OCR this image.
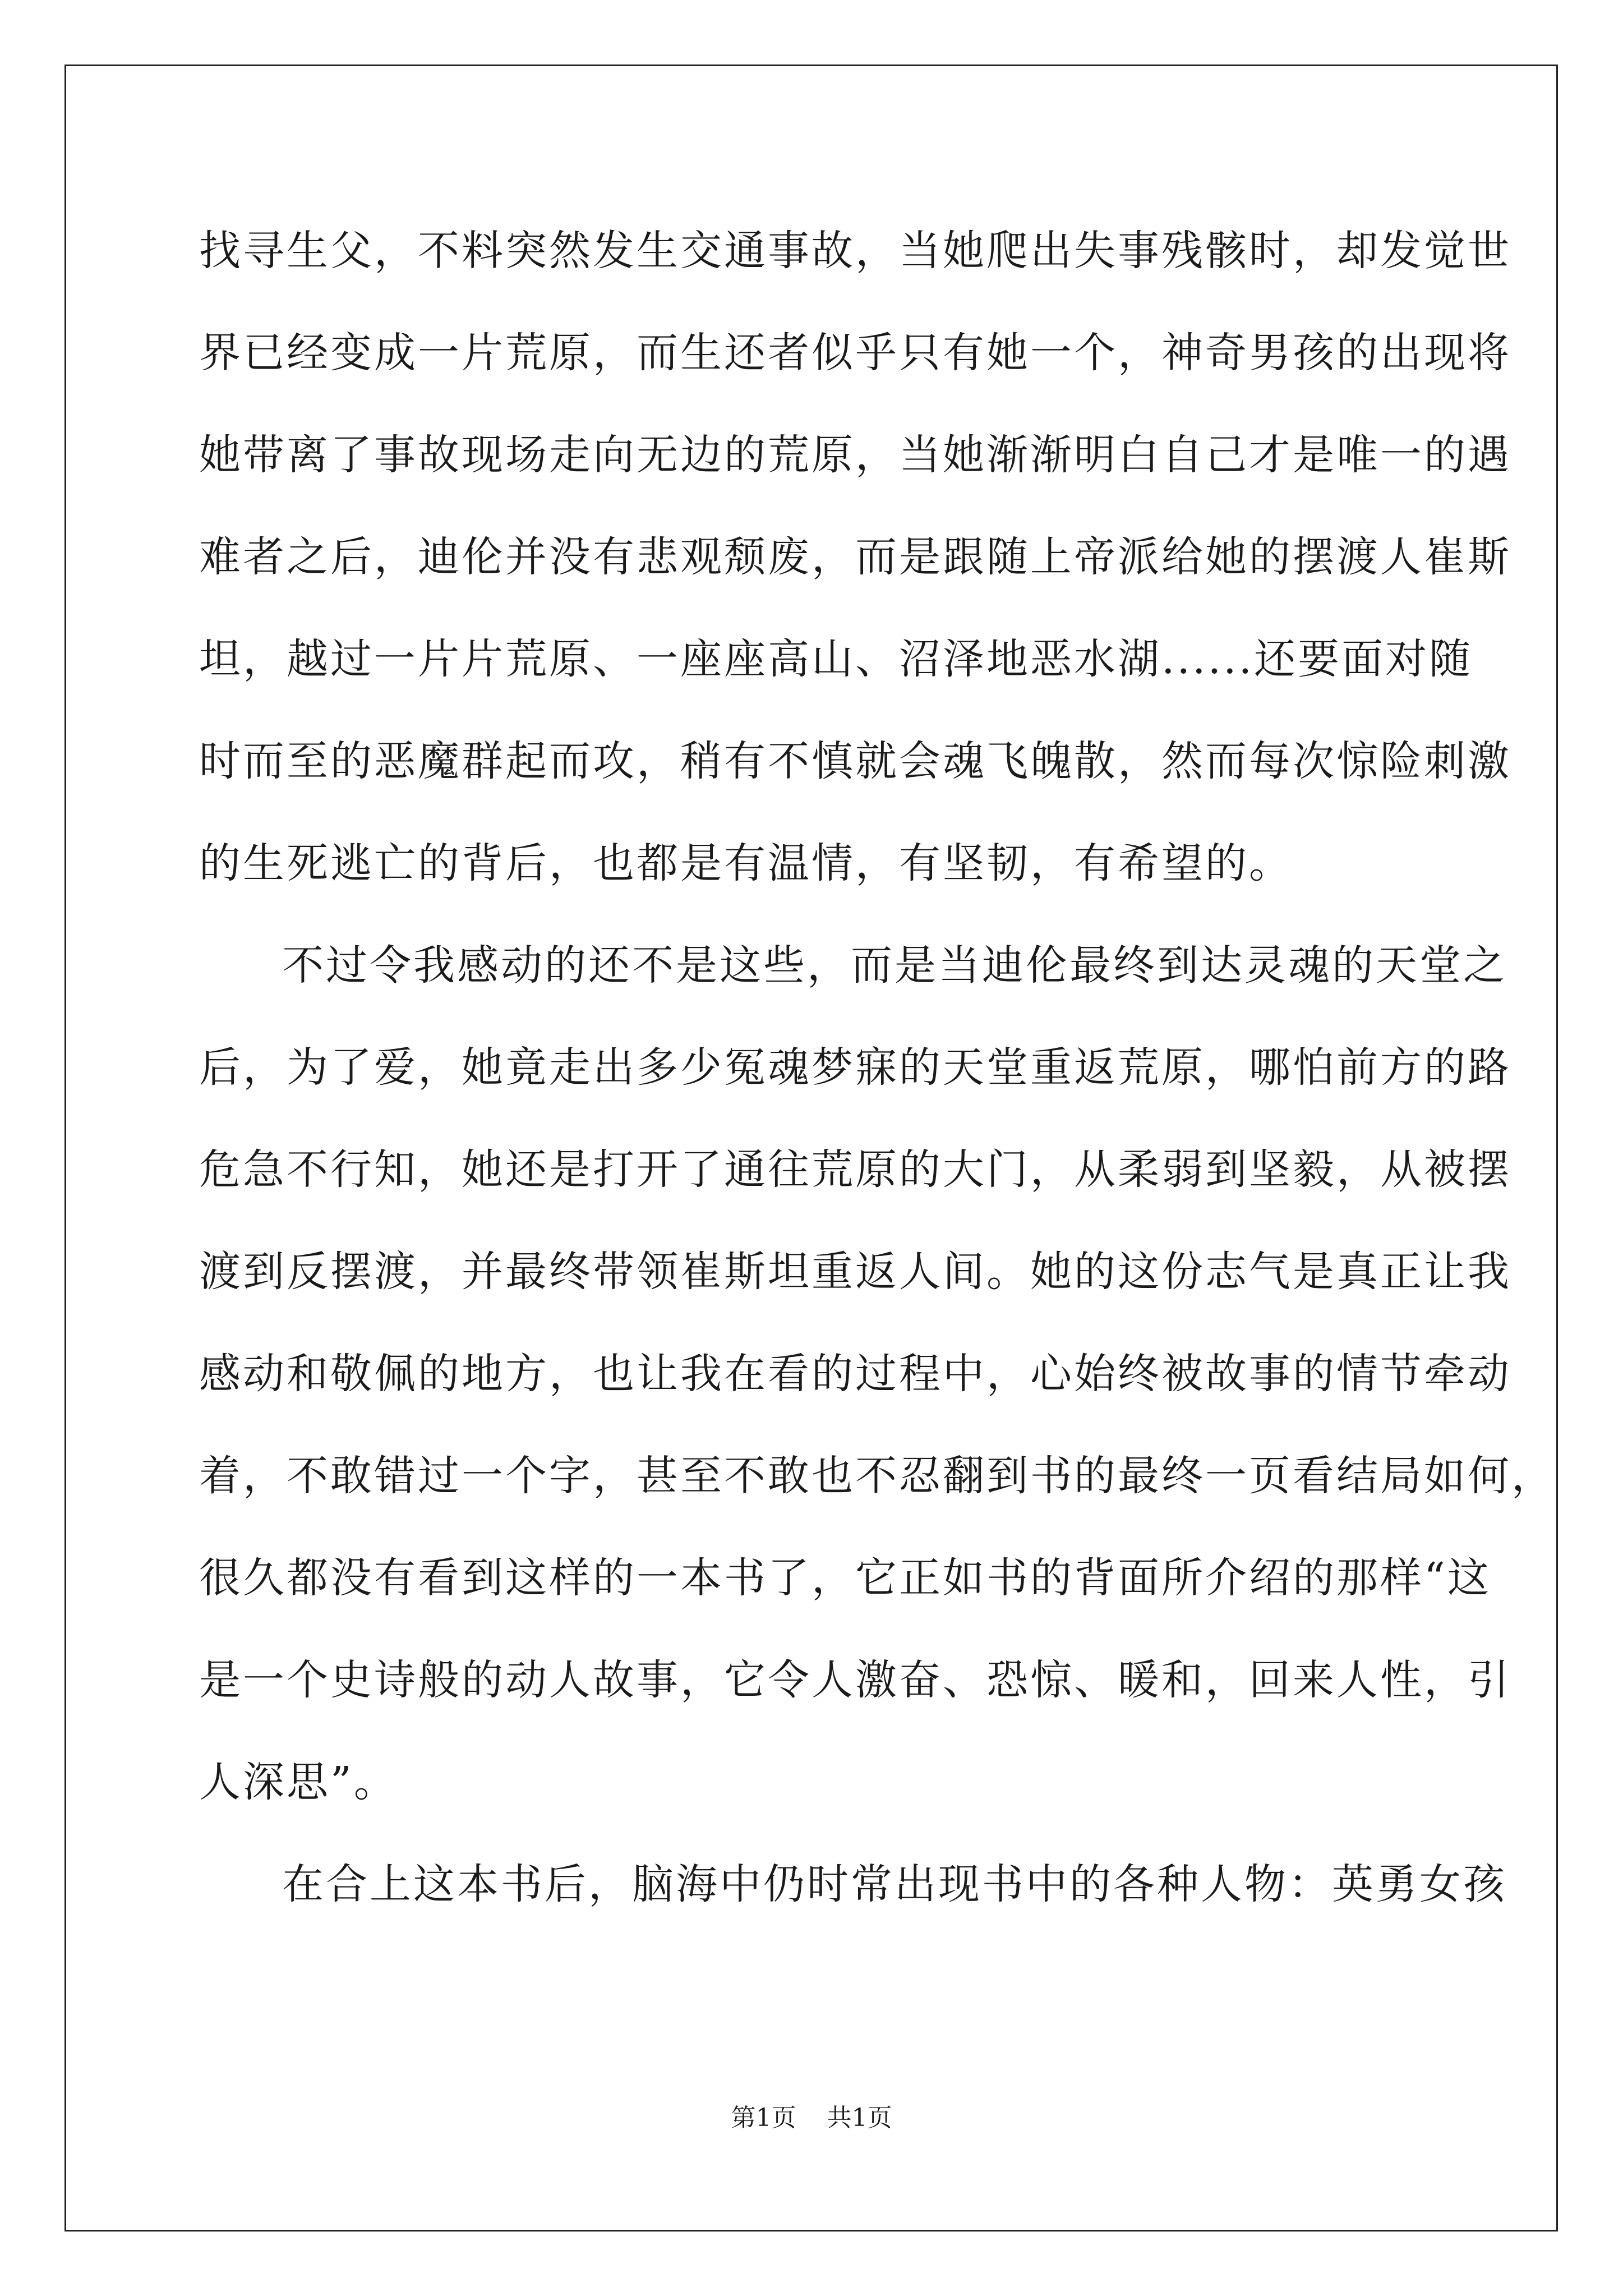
找寻生父，不料突然发生交通事故，当她爬出失事残骸时，却发觉世
界已经变成一片荒原，而生还者似乎只有她一个，神奇男孩的出现将
她带离了事故现场走向无边的荒原，当她渐渐明白自己才是唯一的遇
难者之后，迪伦并没有悲观颓废，而是跟随上帝派给她的摆渡人崔斯
坦，越过一片片荒原、一座座高山、沼泽地恶水湖......还要面对随
时而至的恶魔群起而攻，稍有不慎就会魂飞魄散，然而每次惊险刺激
的生死逃亡的背后，也都是有温情，有坚韧，有希望的。
不过令我感动的还不是这些，而是当迪伦最终到达灵魂的天堂之
后，为了爱，她竟走出多少冤魂梦寐的天堂重返荒原，哪怕前方的路
危急不行知，她还是打开了通往荒原的大门，从柔弱到坚毅，从被摆
渡到反摆渡，并最终带领崔斯坦重返人间。她的这份志气是真正让我
感动和敬佩的地方，也让我在看的过程中，心始终被故事的情节牵动
着，不敢错过一个字，甚至不敢也不忍翻到书的最终一页看结局如何，
很久都没有看到这样的一本书了，它正如书的背面所介绍的那样“这
是一个史诗般的动人故事，它令人激奋、恐惊、暖和，回来人性，引
人深思”。
在合上这本书后，脑海中仍时常出现书中的各种人物：英勇女孩
第1页 共1页
